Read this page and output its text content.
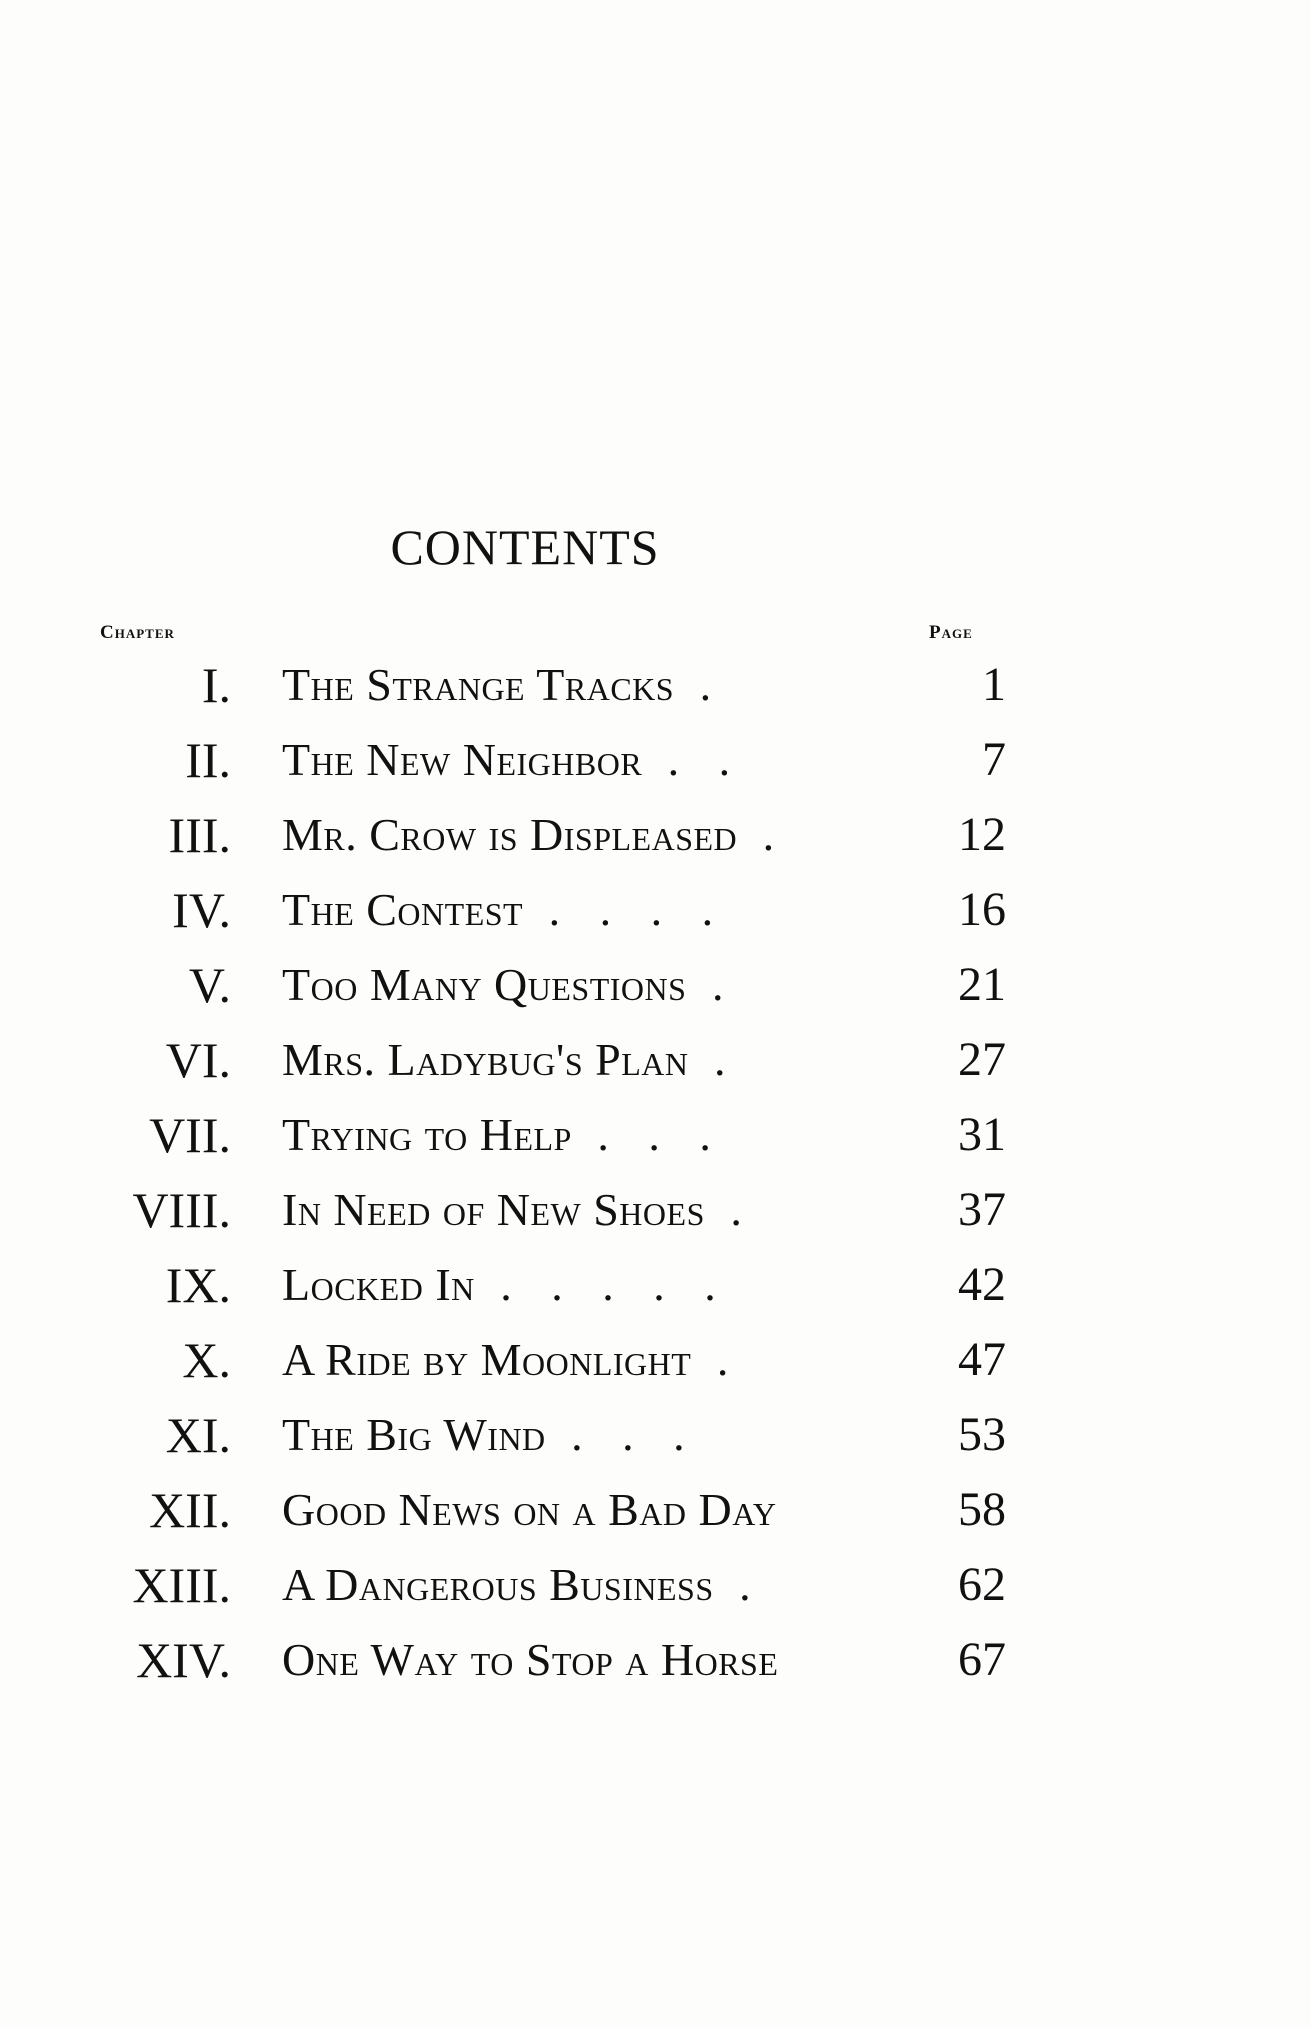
CONTENTS
Chapter	Page
I. The Strange Tracks .	1
II. The New Neighbor . .	7
III. Mr. Crow is Displeased .	12
IV. The Contest . . . .	16
V. Too Many Questions .	21
VI. Mrs. Ladybug's Plan .	27
VII. Trying to Help . . .	31
VIII. In Need of New Shoes .	37
IX. Locked In . . . . .	42
X. A Ride by Moonlight .	47
XI. The Big Wind . . .	53
XII. Good News on a Bad Day	58
XIII. A Dangerous Business .	62
XIV. One Way to Stop a Horse	67
